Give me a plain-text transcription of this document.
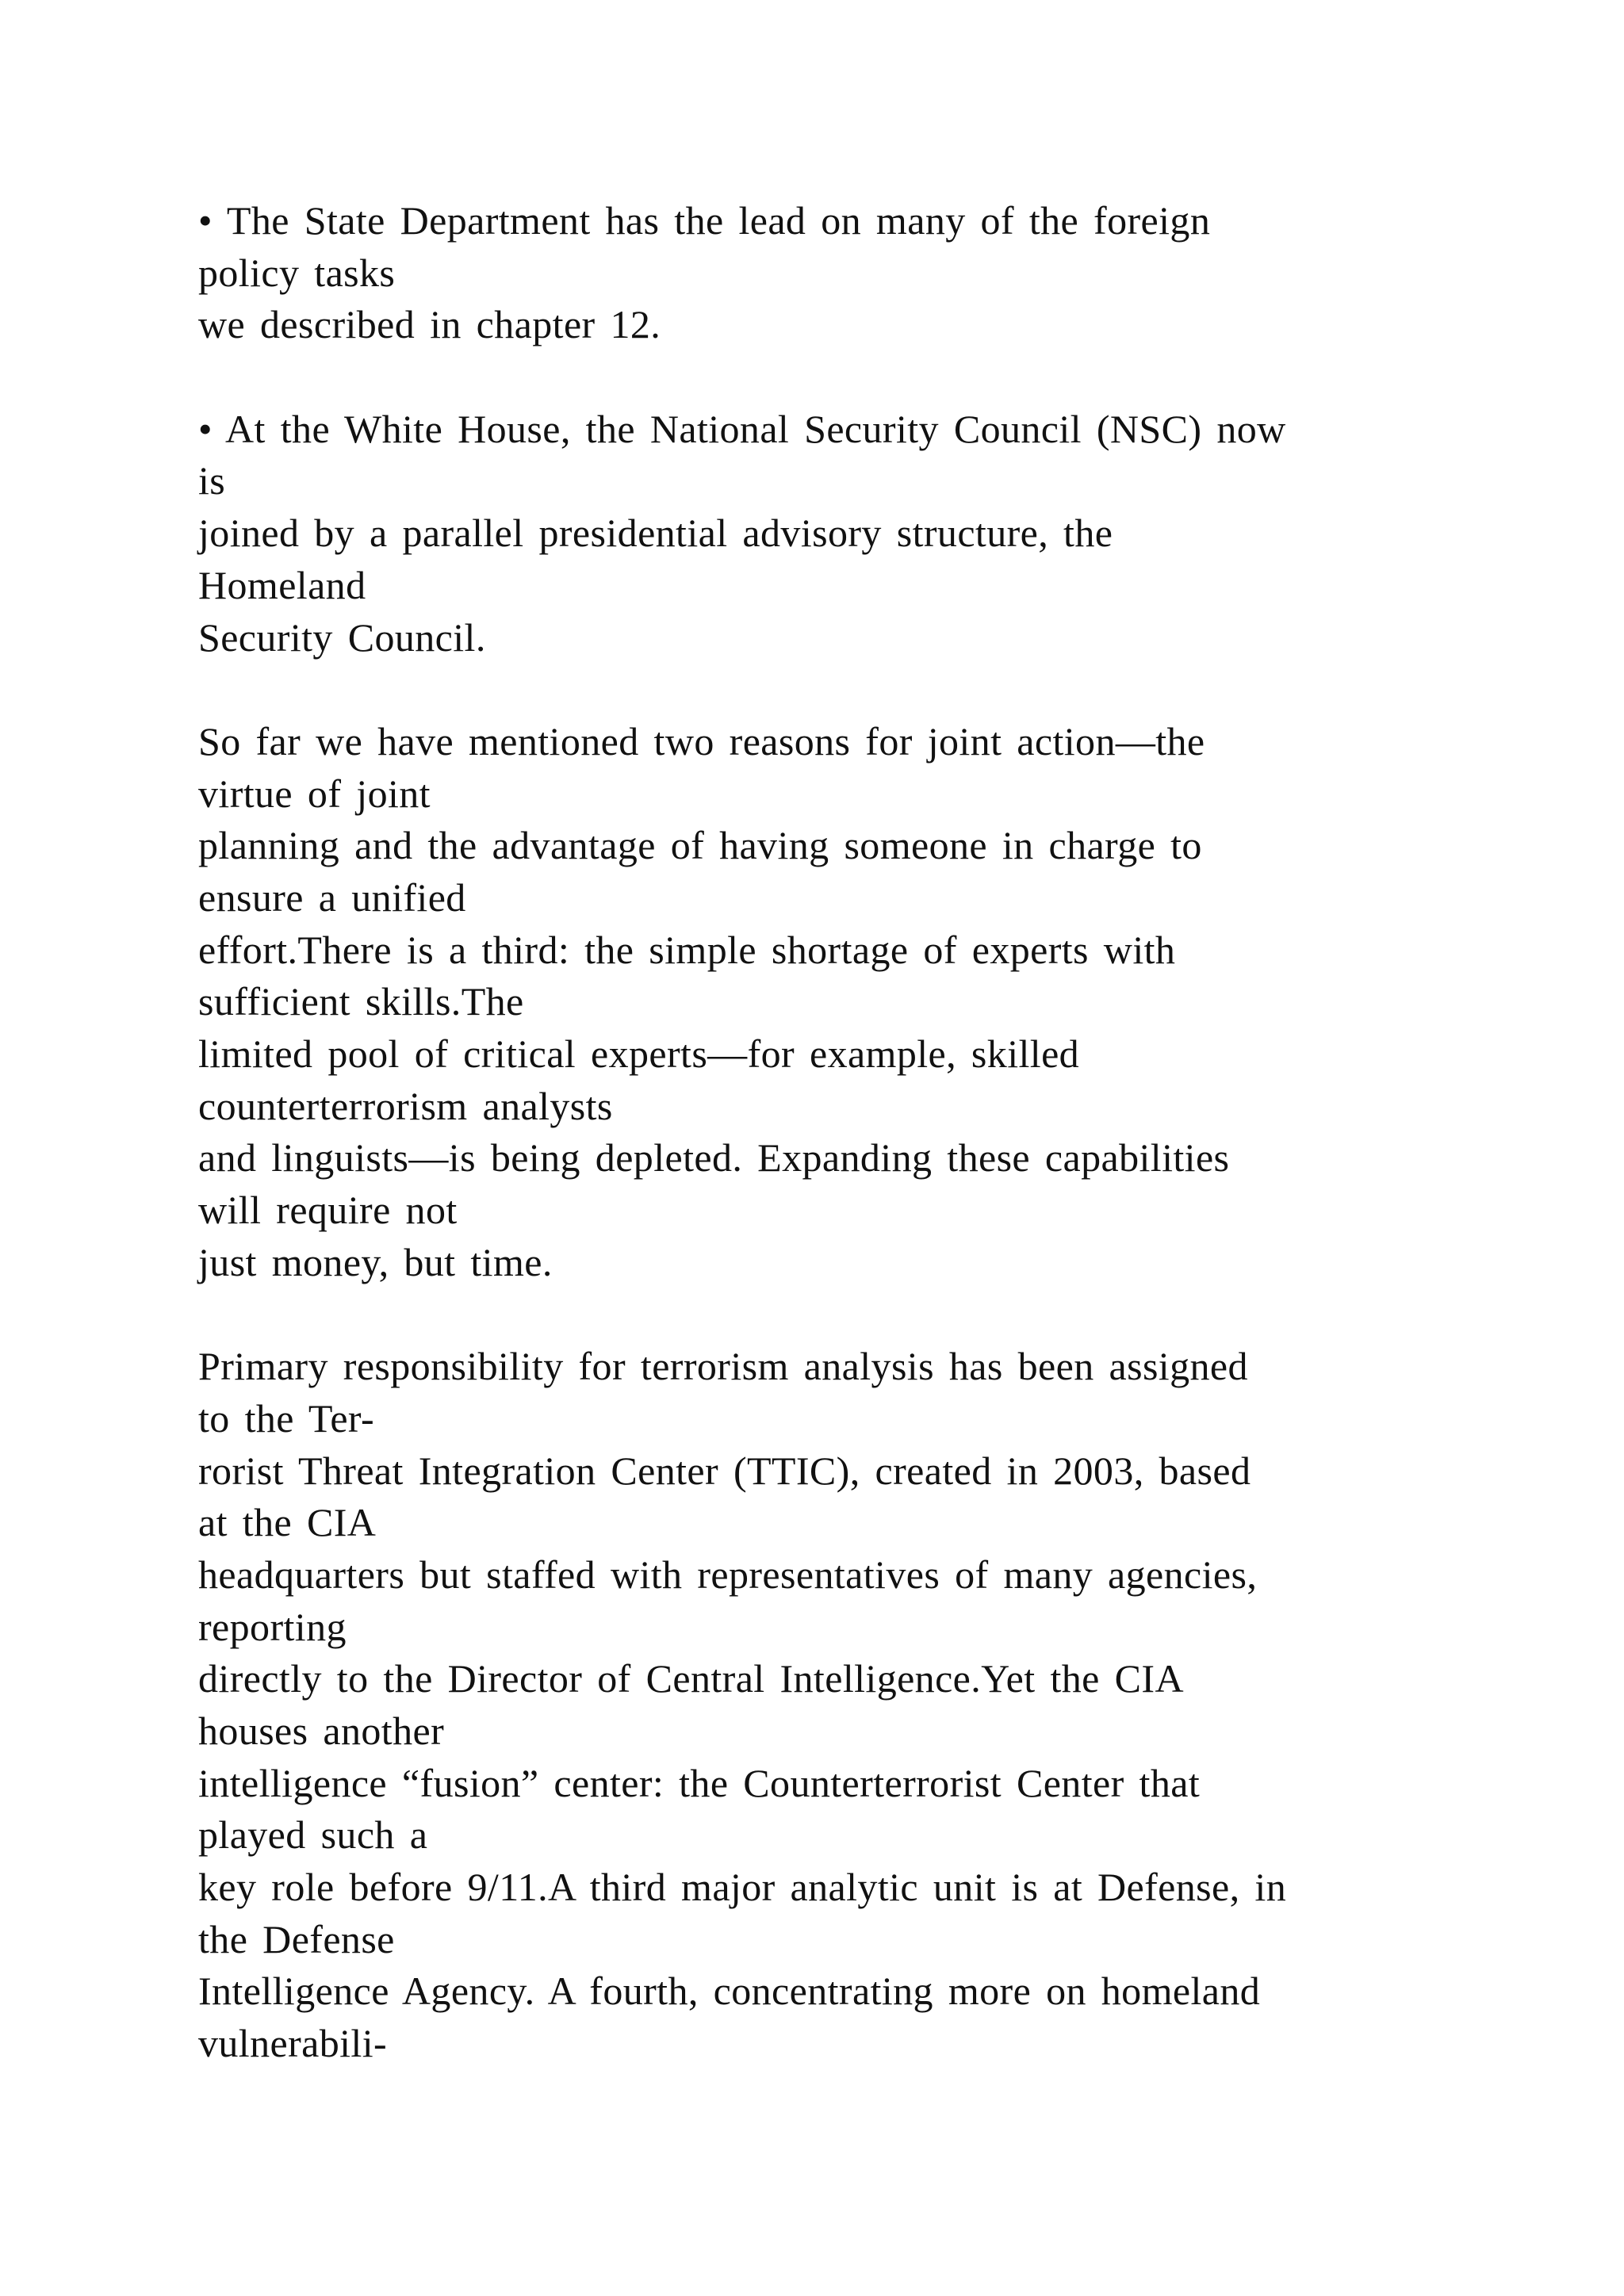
• The State Department has the lead on many of the foreign
policy tasks
we described in chapter 12.
• At the White House, the National Security Council (NSC) now
is
joined by a parallel presidential advisory structure, the
Homeland
Security Council.
So far we have mentioned two reasons for joint action—the
virtue of joint
planning and the advantage of having someone in charge to
ensure a unified
effort.There is a third: the simple shortage of experts with
sufficient skills.The
limited pool of critical experts—for example, skilled
counterterrorism analysts
and linguists—is being depleted. Expanding these capabilities
will require not
just money, but time.
Primary responsibility for terrorism analysis has been assigned
to the Ter-
rorist Threat Integration Center (TTIC), created in 2003, based
at the CIA
headquarters but staffed with representatives of many agencies,
reporting
directly to the Director of Central Intelligence.Yet the CIA
houses another
intelligence “fusion” center: the Counterterrorist Center that
played such a
key role before 9/11.A third major analytic unit is at Defense, in
the Defense
Intelligence Agency. A fourth, concentrating more on homeland
vulnerabili-
